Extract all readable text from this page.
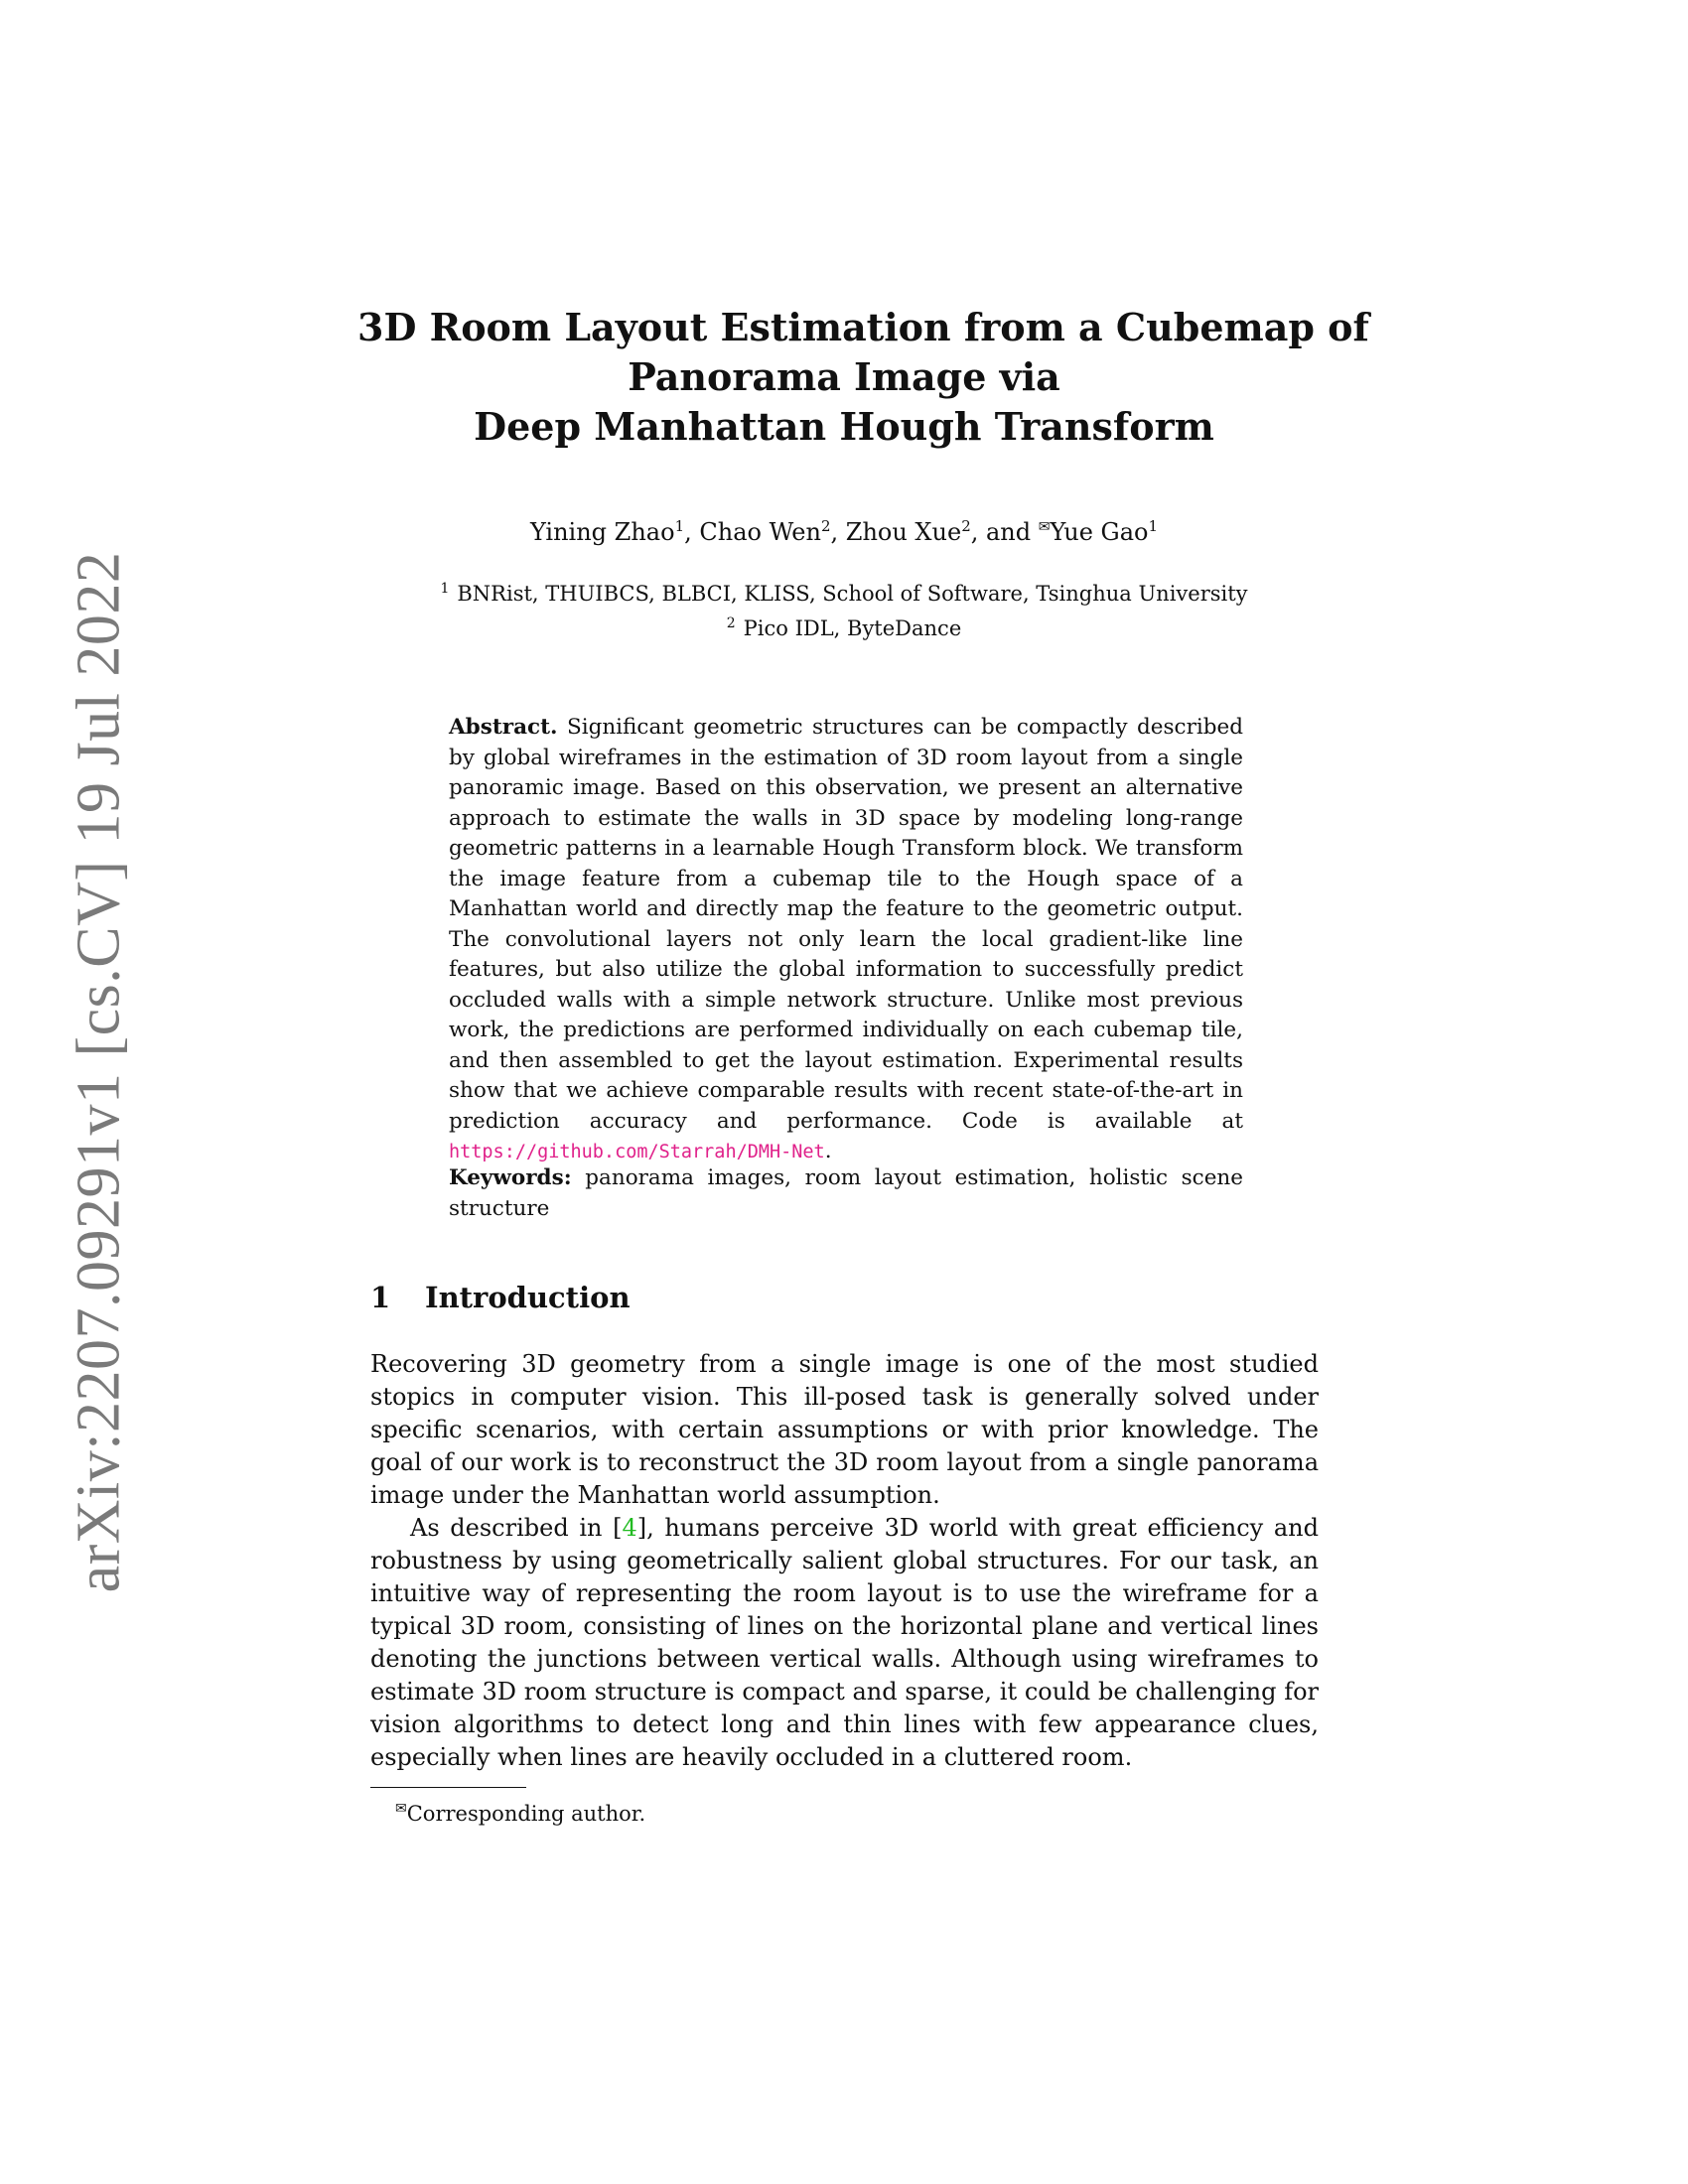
arXiv:2207.09291v1 [cs.CV] 19 Jul 2022
3D Room Layout Estimation from a Cubemap of
Panorama Image via
Deep Manhattan Hough Transform
Yining Zhao$^1$, Chao Wen$^2$, Zhou Xue$^2$, and ✉Yue Gao$^1$
$^1$ BNRist, THUIBCS, BLBCI, KLISS, School of Software, Tsinghua University
$^2$ Pico IDL, ByteDance
Abstract. Significant geometric structures can be compactly described by global wireframes in the estimation of 3D room layout from a single panoramic image. Based on this observation, we present an alternative approach to estimate the walls in 3D space by modeling long-range geometric patterns in a learnable Hough Transform block. We transform the image feature from a cubemap tile to the Hough space of a Manhattan world and directly map the feature to the geometric output. The convolutional layers not only learn the local gradient-like line features, but also utilize the global information to successfully predict occluded walls with a simple network structure. Unlike most previous work, the predictions are performed individually on each cubemap tile, and then assembled to get the layout estimation. Experimental results show that we achieve comparable results with recent state-of-the-art in prediction accuracy and performance. Code is available at https://github.com/Starrah/DMH-Net.
Keywords: panorama images, room layout estimation, holistic scene structure
1 Introduction
Recovering 3D geometry from a single image is one of the most studied stopics in computer vision. This ill-posed task is generally solved under specific scenarios, with certain assumptions or with prior knowledge. The goal of our work is to reconstruct the 3D room layout from a single panorama image under the Manhattan world assumption.
As described in [4], humans perceive 3D world with great efficiency and robustness by using geometrically salient global structures. For our task, an intuitive way of representing the room layout is to use the wireframe for a typical 3D room, consisting of lines on the horizontal plane and vertical lines denoting the junctions between vertical walls. Although using wireframes to estimate 3D room structure is compact and sparse, it could be challenging for vision algorithms to detect long and thin lines with few appearance clues, especially when lines are heavily occluded in a cluttered room.
✉Corresponding author.
